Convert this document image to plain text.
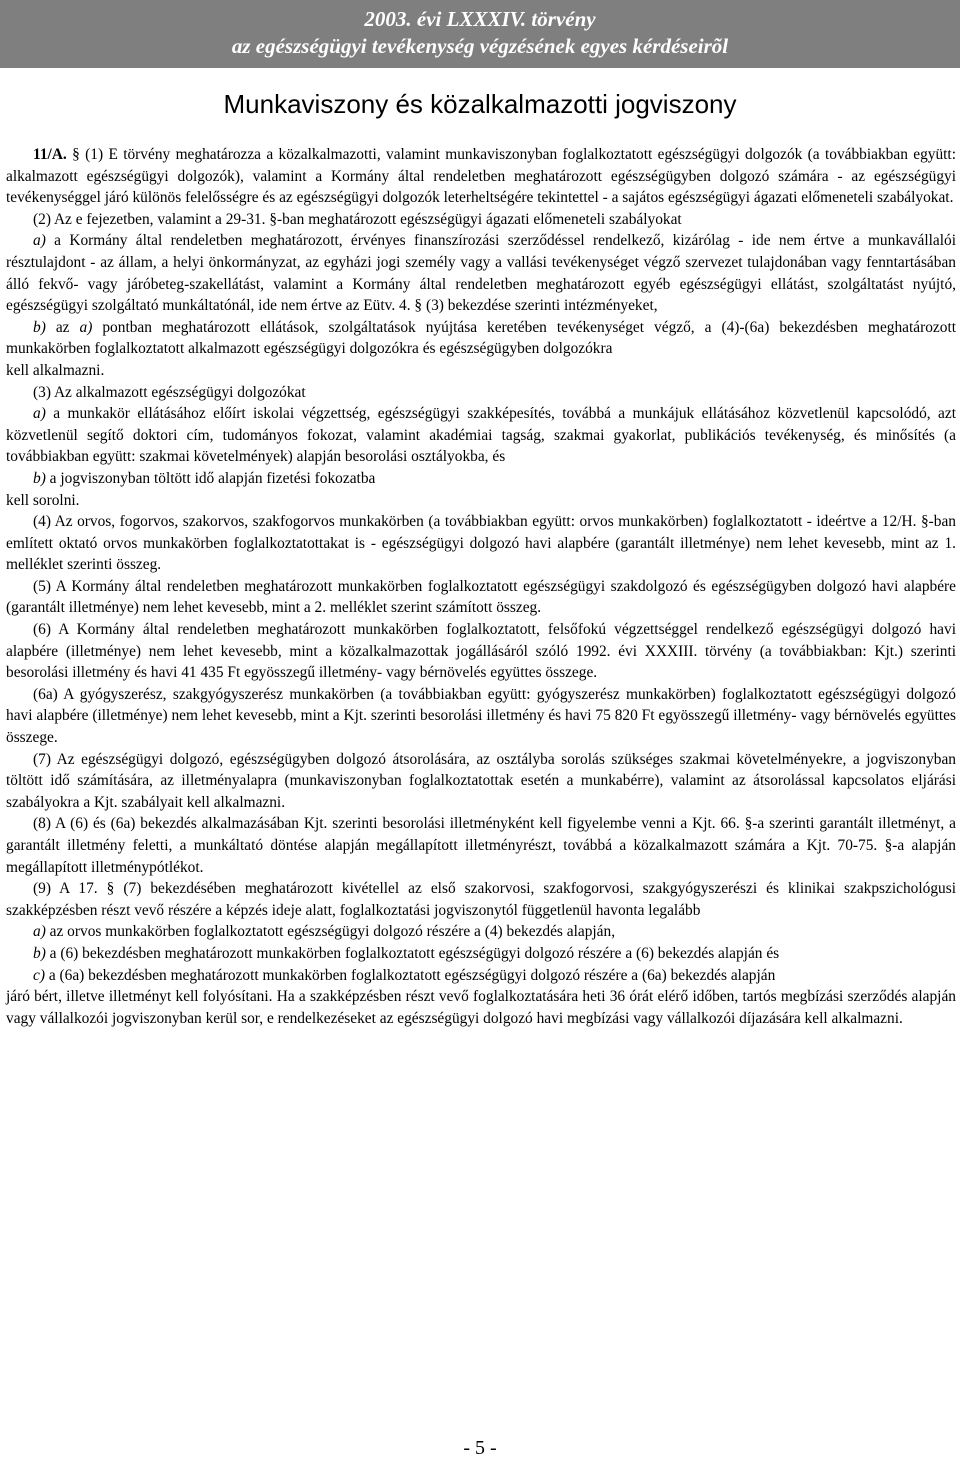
2003. évi LXXXIV. törvény
az egészségügyi tevékenység végzésének egyes kérdéseirõl
Munkaviszony és közalkalmazotti jogviszony

11/A. § (1) E törvény meghatározza a közalkalmazotti, valamint munkaviszonyban foglalkoztatott egészségügyi dolgozók (a továbbiakban együtt: alkalmazott egészségügyi dolgozók), valamint a Kormány által rendeletben meghatározott egészségügyben dolgozó számára - az egészségügyi tevékenységgel járó különös felelősségre és az egészségügyi dolgozók leterheltségére tekintettel - a sajátos egészségügyi ágazati előmeneteli szabályokat.

(2) Az e fejezetben, valamint a 29-31. §-ban meghatározott egészségügyi ágazati előmeneteli szabályokat

a) a Kormány által rendeletben meghatározott, érvényes finanszírozási szerződéssel rendelkező, kizárólag - ide nem értve a munkavállalói résztulajdont - az állam, a helyi önkormányzat, az egyházi jogi személy vagy a vallási tevékenységet végző szervezet tulajdonában vagy fenntartásában álló fekvő- vagy járóbeteg-szakellátást, valamint a Kormány által rendeletben meghatározott egyéb egészségügyi ellátást, szolgáltatást nyújtó, egészségügyi szolgáltató munkáltatónál, ide nem értve az Eütv. 4. § (3) bekezdése szerinti intézményeket,

b) az a) pontban meghatározott ellátások, szolgáltatások nyújtása keretében tevékenységet végző, a (4)-(6a) bekezdésben meghatározott munkakörben foglalkoztatott alkalmazott egészségügyi dolgozókra és egészségügyben dolgozókra

kell alkalmazni.

(3) Az alkalmazott egészségügyi dolgozókat

a) a munkakör ellátásához előírt iskolai végzettség, egészségügyi szakképesítés, továbbá a munkájuk ellátásához közvetlenül kapcsolódó, azt közvetlenül segítő doktori cím, tudományos fokozat, valamint akadémiai tagság, szakmai gyakorlat, publikációs tevékenység, és minősítés (a továbbiakban együtt: szakmai követelmények) alapján besorolási osztályokba, és

b) a jogviszonyban töltött idő alapján fizetési fokozatba

kell sorolni.

(4) Az orvos, fogorvos, szakorvos, szakfogorvos munkakörben (a továbbiakban együtt: orvos munkakörben) foglalkoztatott - ideértve a 12/H. §-ban említett oktató orvos munkakörben foglalkoztatottakat is - egészségügyi dolgozó havi alapbére (garantált illetménye) nem lehet kevesebb, mint az 1. melléklet szerinti összeg.

(5) A Kormány által rendeletben meghatározott munkakörben foglalkoztatott egészségügyi szakdolgozó és egészségügyben dolgozó havi alapbére (garantált illetménye) nem lehet kevesebb, mint a 2. melléklet szerint számított összeg.

(6) A Kormány által rendeletben meghatározott munkakörben foglalkoztatott, felsőfokú végzettséggel rendelkező egészségügyi dolgozó havi alapbére (illetménye) nem lehet kevesebb, mint a közalkalmazottak jogállásáról szóló 1992. évi XXXIII. törvény (a továbbiakban: Kjt.) szerinti besorolási illetmény és havi 41 435 Ft egyösszegű illetmény- vagy bérnövelés együttes összege.

(6a) A gyógyszerész, szakgyógyszerész munkakörben (a továbbiakban együtt: gyógyszerész munkakörben) foglalkoztatott egészségügyi dolgozó havi alapbére (illetménye) nem lehet kevesebb, mint a Kjt. szerinti besorolási illetmény és havi 75 820 Ft egyösszegű illetmény- vagy bérnövelés együttes összege.

(7) Az egészségügyi dolgozó, egészségügyben dolgozó átsorolására, az osztályba sorolás szükséges szakmai követelményekre, a jogviszonyban töltött idő számítására, az illetményalapra (munkaviszonyban foglalkoztatottak esetén a munkabérre), valamint az átsorolással kapcsolatos eljárási szabályokra a Kjt. szabályait kell alkalmazni.

(8) A (6) és (6a) bekezdés alkalmazásában Kjt. szerinti besorolási illetményként kell figyelembe venni a Kjt. 66. §-a szerinti garantált illetményt, a garantált illetmény feletti, a munkáltató döntése alapján megállapított illetményrészt, továbbá a közalkalmazott számára a Kjt. 70-75. §-a alapján megállapított illetménypótlékot.

(9) A 17. § (7) bekezdésében meghatározott kivétellel az első szakorvosi, szakfogorvosi, szakgyógyszerészi és klinikai szakpszichológusi szakképzésben részt vevő részére a képzés ideje alatt, foglalkoztatási jogviszonytól függetlenül havonta legalább

a) az orvos munkakörben foglalkoztatott egészségügyi dolgozó részére a (4) bekezdés alapján,

b) a (6) bekezdésben meghatározott munkakörben foglalkoztatott egészségügyi dolgozó részére a (6) bekezdés alapján és

c) a (6a) bekezdésben meghatározott munkakörben foglalkoztatott egészségügyi dolgozó részére a (6a) bekezdés alapján

járó bért, illetve illetményt kell folyósítani. Ha a szakképzésben részt vevő foglalkoztatására heti 36 órát elérő időben, tartós megbízási szerződés alapján vagy vállalkozói jogviszonyban kerül sor, e rendelkezéseket az egészségügyi dolgozó havi megbízási vagy vállalkozói díjazására kell alkalmazni.

- 5 -
